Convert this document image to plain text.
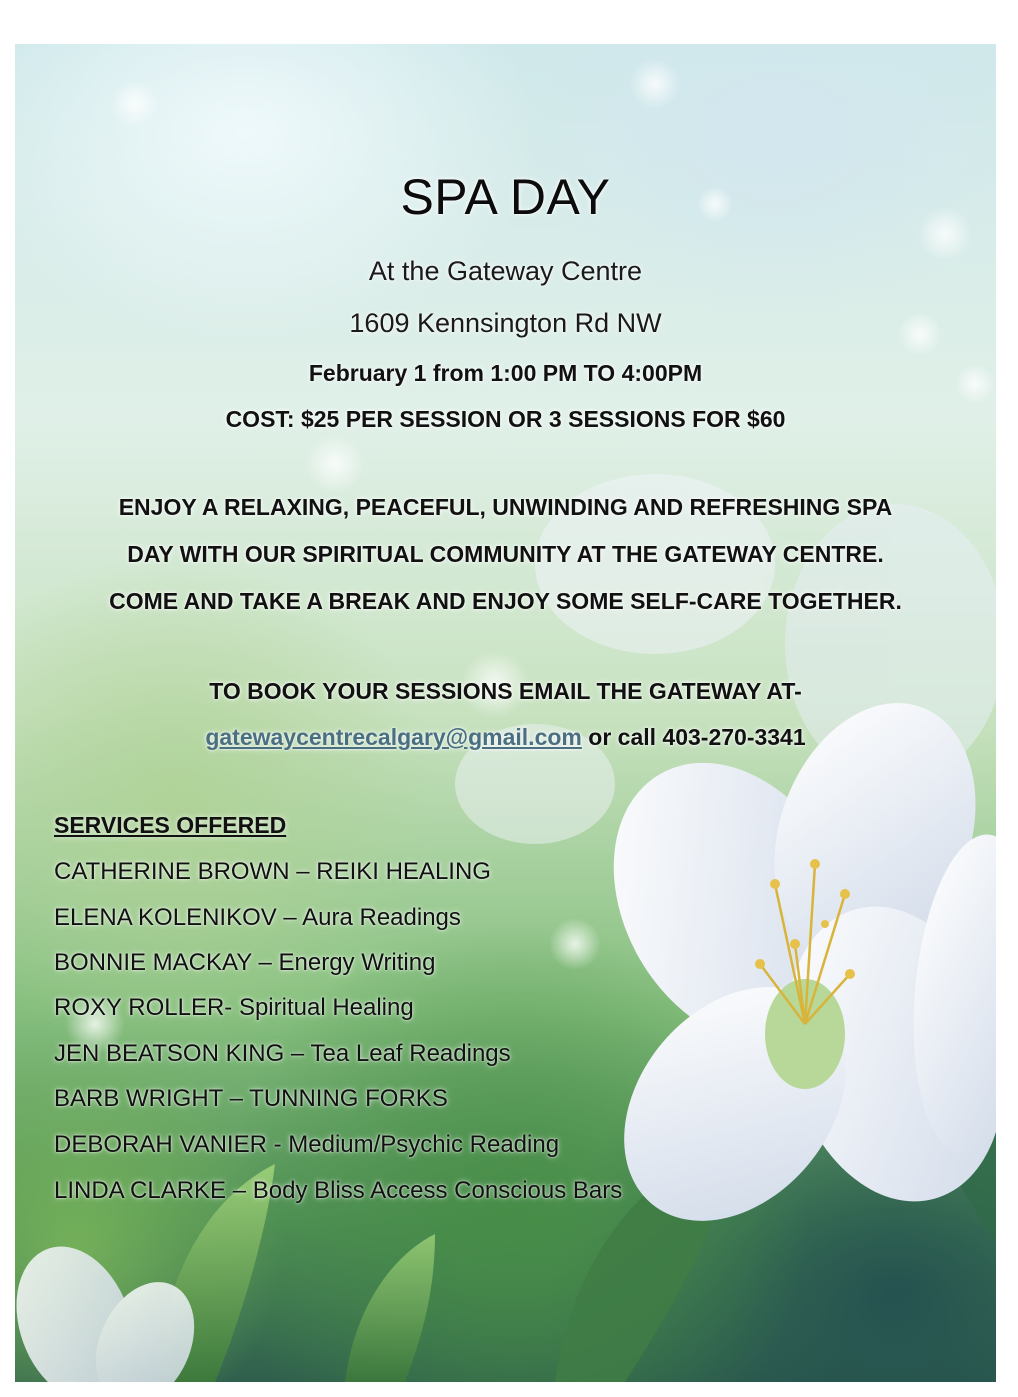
SPA DAY
At the Gateway Centre
1609 Kennsington Rd NW
February 1 from 1:00 PM TO 4:00PM
COST: $25 PER SESSION OR 3 SESSIONS FOR $60
ENJOY A RELAXING, PEACEFUL, UNWINDING AND REFRESHING SPA
DAY WITH OUR SPIRITUAL COMMUNITY AT THE GATEWAY CENTRE.
COME AND TAKE A BREAK AND ENJOY SOME SELF-CARE TOGETHER.
TO BOOK YOUR SESSIONS EMAIL THE GATEWAY AT-
gatewaycentrecalgary@gmail.com or call 403-270-3341
SERVICES OFFERED
CATHERINE BROWN – REIKI HEALING
ELENA KOLENIKOV – Aura Readings
BONNIE MACKAY – Energy Writing
ROXY ROLLER- Spiritual Healing
JEN BEATSON KING – Tea Leaf Readings
BARB WRIGHT – TUNNING FORKS
DEBORAH VANIER - Medium/Psychic Reading
LINDA CLARKE – Body Bliss Access Conscious Bars
